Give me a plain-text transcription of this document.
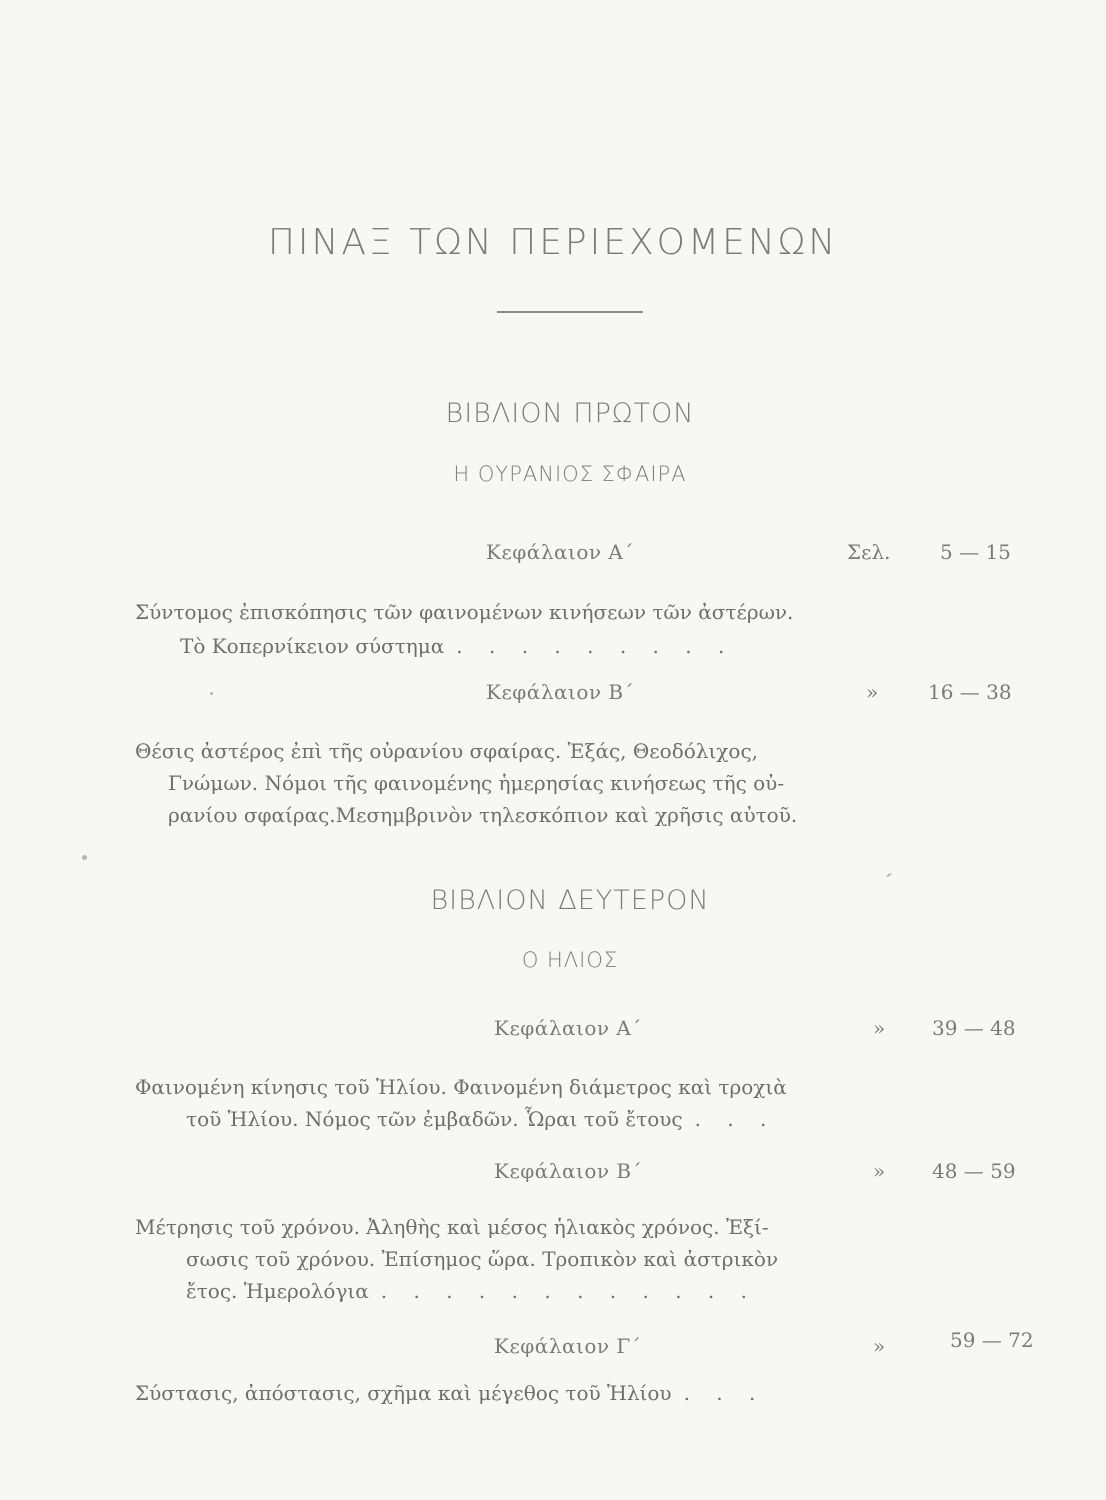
ΠΙΝΑΞ ΤΩΝ ΠΕΡΙΕΧΟΜΕΝΩΝ
ΒΙΒΛΙΟΝ ΠΡΩΤΟΝ
Η ΟΥΡΑΝΙΟΣ ΣΦΑΙΡΑ
Κεφάλαιον Α΄	Σελ. 5 — 15
Σύντομος ἐπισκόπησις τῶν φαινομένων κινήσεων τῶν ἀστέρων.
Τὸ Κοπερνίκειον σύστημα . . . . . . . . .
Κεφάλαιον Β΄	» 16 — 38
Θέσις ἀστέρος ἐπὶ τῆς οὐρανίου σφαίρας. Ἑξάς, Θεοδόλιχος,
Γνώμων. Νόμοι τῆς φαινομένης ἡμερησίας κινήσεως τῆς οὐ-
ρανίου σφαίρας.Μεσημβρινὸν τηλεσκόπιον καὶ χρῆσις αὐτοῦ.
ΒΙΒΛΙΟΝ ΔΕΥΤΕΡΟΝ
Ο ΗΛΙΟΣ
Κεφάλαιον Α΄	» 39 — 48
Φαινομένη κίνησις τοῦ Ἡλίου. Φαινομένη διάμετρος καὶ τροχιὰ
τοῦ Ἡλίου. Νόμος τῶν ἐμβαδῶν. Ὧραι τοῦ ἔτους . . .
Κεφάλαιον Β΄	» 48 — 59
Μέτρησις τοῦ χρόνου. Ἀληθὴς καὶ μέσος ἡλιακὸς χρόνος. Ἐξί-
σωσις τοῦ χρόνου. Ἐπίσημος ὥρα. Τροπικὸν καὶ ἀστρικὸν
ἔτος. Ἡμερολόγια . . . . . . . . . . . .
Κεφάλαιον Γ΄	»	59 — 72
Σύστασις, ἀπόστασις, σχῆμα καὶ μέγεθος τοῦ Ἡλίου . . .
